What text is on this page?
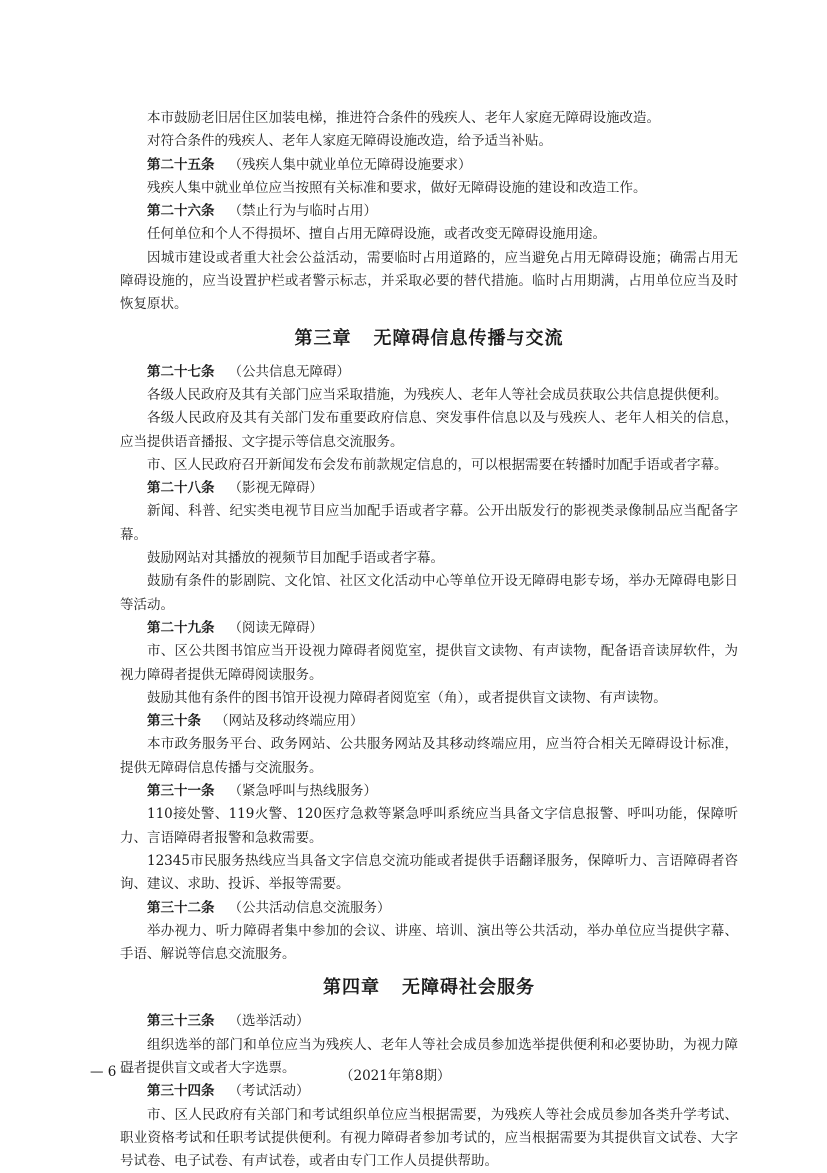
本市鼓励老旧居住区加装电梯，推进符合条件的残疾人、老年人家庭无障碍设施改造。

对符合条件的残疾人、老年人家庭无障碍设施改造，给予适当补贴。

第二十五条 （残疾人集中就业单位无障碍设施要求）

残疾人集中就业单位应当按照有关标准和要求，做好无障碍设施的建设和改造工作。

第二十六条 （禁止行为与临时占用）

任何单位和个人不得损坏、擅自占用无障碍设施，或者改变无障碍设施用途。

因城市建设或者重大社会公益活动，需要临时占用道路的，应当避免占用无障碍设施；确需占用无障碍设施的，应当设置护栏或者警示标志，并采取必要的替代措施。临时占用期满，占用单位应当及时恢复原状。

第三章 无障碍信息传播与交流

第二十七条 （公共信息无障碍）

各级人民政府及其有关部门应当采取措施，为残疾人、老年人等社会成员获取公共信息提供便利。

各级人民政府及其有关部门发布重要政府信息、突发事件信息以及与残疾人、老年人相关的信息，应当提供语音播报、文字提示等信息交流服务。

市、区人民政府召开新闻发布会发布前款规定信息的，可以根据需要在转播时加配手语或者字幕。

第二十八条 （影视无障碍）

新闻、科普、纪实类电视节目应当加配手语或者字幕。公开出版发行的影视类录像制品应当配备字幕。

鼓励网站对其播放的视频节目加配手语或者字幕。

鼓励有条件的影剧院、文化馆、社区文化活动中心等单位开设无障碍电影专场，举办无障碍电影日等活动。

第二十九条 （阅读无障碍）

市、区公共图书馆应当开设视力障碍者阅览室，提供盲文读物、有声读物，配备语音读屏软件，为视力障碍者提供无障碍阅读服务。

鼓励其他有条件的图书馆开设视力障碍者阅览室（角），或者提供盲文读物、有声读物。

第三十条 （网站及移动终端应用）

本市政务服务平台、政务网站、公共服务网站及其移动终端应用，应当符合相关无障碍设计标准，提供无障碍信息传播与交流服务。

第三十一条 （紧急呼叫与热线服务）

110接处警、119火警、120医疗急救等紧急呼叫系统应当具备文字信息报警、呼叫功能，保障听力、言语障碍者报警和急救需要。

12345市民服务热线应当具备文字信息交流功能或者提供手语翻译服务，保障听力、言语障碍者咨询、建议、求助、投诉、举报等需要。

第三十二条 （公共活动信息交流服务）

举办视力、听力障碍者集中参加的会议、讲座、培训、演出等公共活动，举办单位应当提供字幕、手语、解说等信息交流服务。

第四章 无障碍社会服务

第三十三条 （选举活动）

组织选举的部门和单位应当为残疾人、老年人等社会成员参加选举提供便利和必要协助，为视力障碍者提供盲文或者大字选票。

第三十四条 （考试活动）

市、区人民政府有关部门和考试组织单位应当根据需要，为残疾人等社会成员参加各类升学考试、职业资格考试和任职考试提供便利。有视力障碍者参加考试的，应当根据需要为其提供盲文试卷、大字号试卷、电子试卷、有声试卷，或者由专门工作人员提供帮助。

— 6 —	（2021年第8期）
